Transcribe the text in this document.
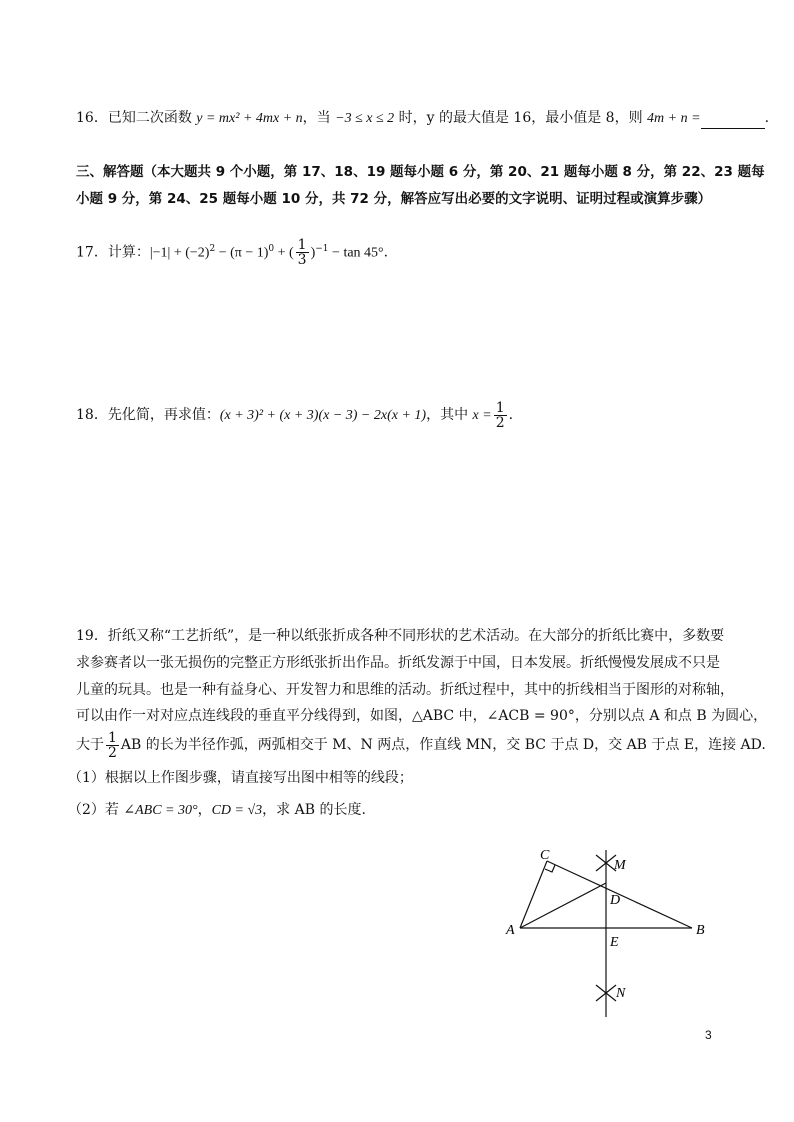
16．已知二次函数 y = mx² + 4mx + n，当 −3 ≤ x ≤ 2 时，y 的最大值是 16，最小值是 8，则 4m + n =	.
三、解答题（本大题共 9 个小题，第 17、18、19 题每小题 6 分，第 20、21 题每小题 8 分，第 22、23 题每
小题 9 分，第 24、25 题每小题 10 分，共 72 分，解答应写出必要的文字说明、证明过程或演算步骤）
17．计算：$|-1| + (-2)^2 - (\pi - 1)^0$ + ( $\frac{1}{3} )^{-1} - \tan 45^\circ$.
18．先化简，再求值：(x + 3)² + (x + 3)(x − 3) − 2x(x + 1)，其中 $x = \frac{1}{2}$ .
19．折纸又称“工艺折纸”，是一种以纸张折成各种不同形状的艺术活动。在大部分的折纸比赛中，多数要
求参赛者以一张无损伤的完整正方形纸张折出作品。折纸发源于中国，日本发展。折纸慢慢发展成不只是
儿童的玩具。也是一种有益身心、开发智力和思维的活动。折纸过程中，其中的折线相当于图形的对称轴，
可以由作一对对应点连线段的垂直平分线得到，如图，△ABC 中，∠ACB = 90°，分别以点 A 和点 B 为圆心，
大于 $\frac{1}{2}$ AB 的长为半径作弧，两弧相交于 M、N 两点，作直线 MN，交 BC 于点 D，交 AB 于点 E，连接 AD.
（1）根据以上作图步骤，请直接写出图中相等的线段；
（2）若 ∠ABC = 30°，CD = √3，求 AB 的长度.
C
M
D
A
E
B
N
3
